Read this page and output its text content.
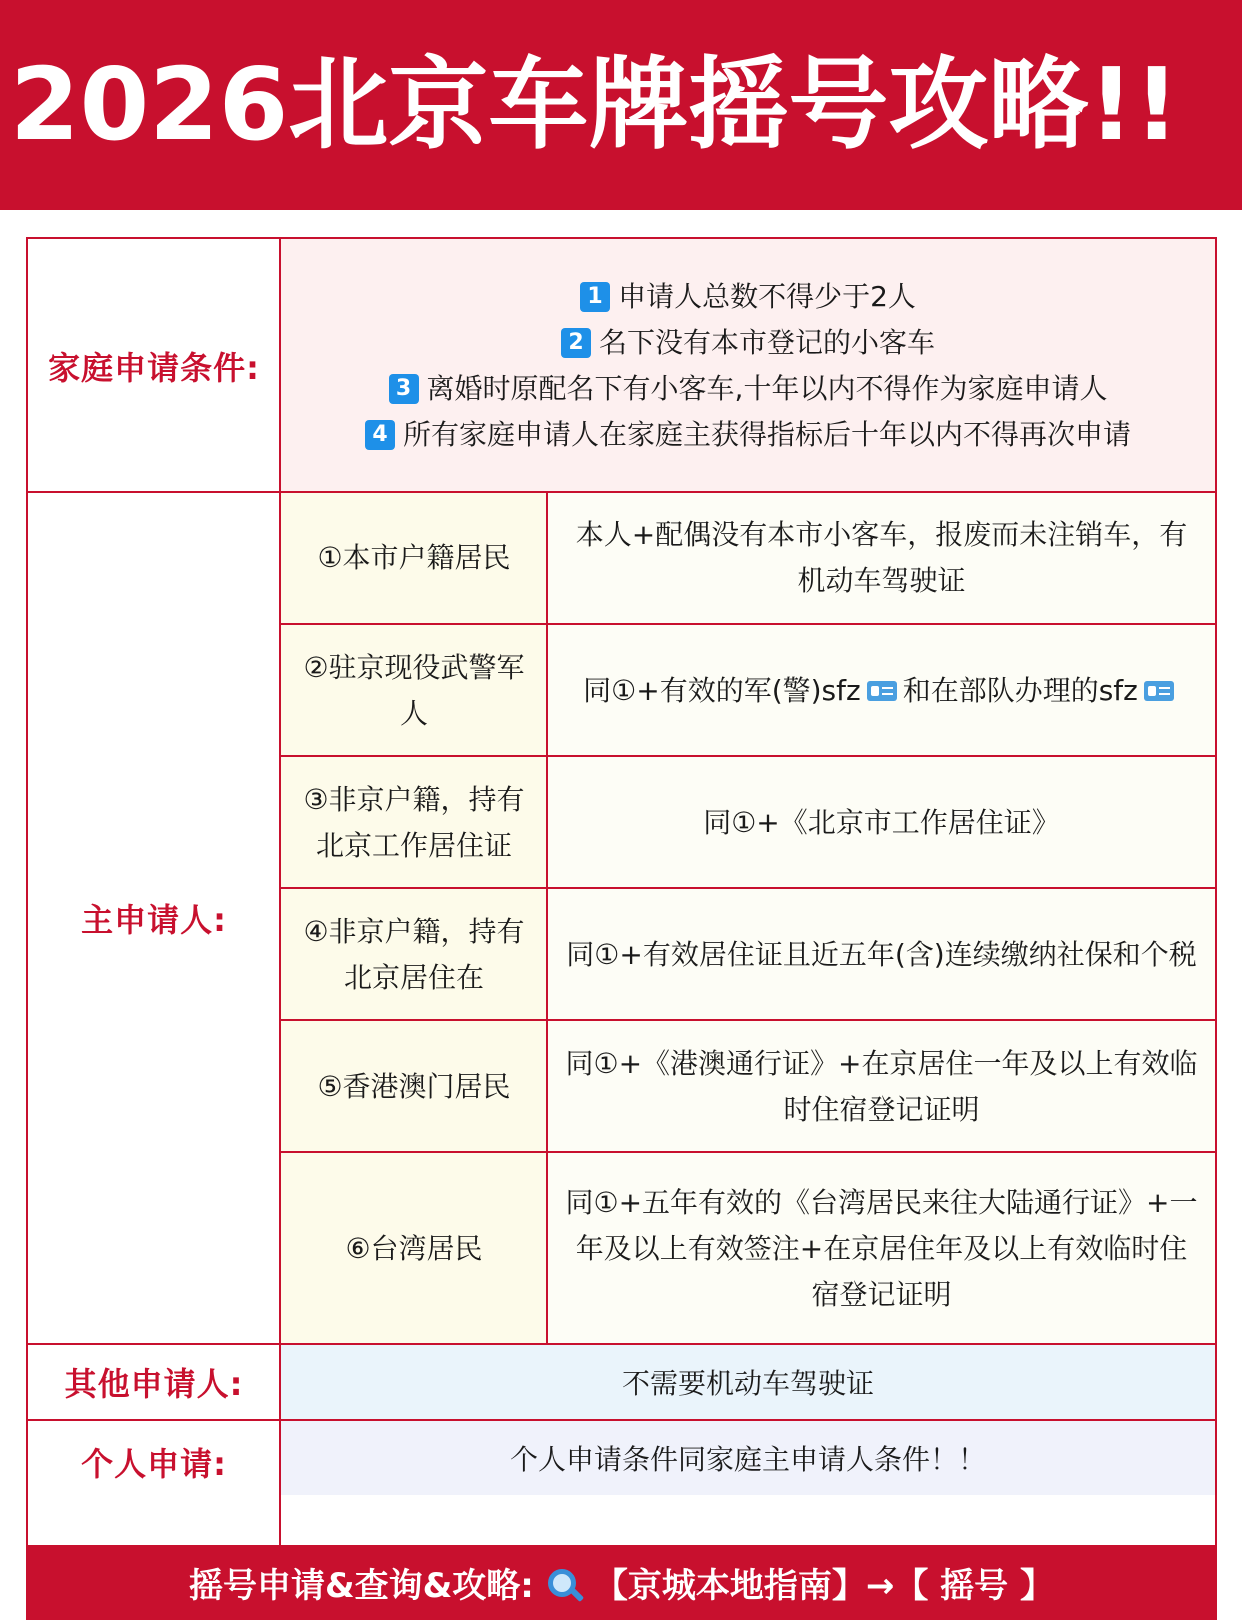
2026北京车牌摇号攻略!!
家庭申请条件:
主申请人:
其他申请人:
个人申请:
1 申请人总数不得少于2人
2 名下没有本市登记的小客车
3 离婚时原配名下有小客车,十年以内不得作为家庭申请人
4 所有家庭申请人在家庭主获得指标后十年以内不得再次申请
①本市户籍居民
本人+配偶没有本市小客车，报废而未注销车，有机动车驾驶证
②驻京现役武警军人
同①+有效的军(警)sfz 和在部队办理的sfz
③非京户籍，持有北京工作居住证
同①+《北京市工作居住证》
④非京户籍，持有北京居住在
同①+有效居住证且近五年(含)连续缴纳社保和个税
⑤香港澳门居民
同①+《港澳通行证》+在京居住一年及以上有效临时住宿登记证明
⑥台湾居民
同①+五年有效的《台湾居民来往大陆通行证》+一年及以上有效签注+在京居住年及以上有效临时住宿登记证明
不需要机动车驾驶证
个人申请条件同家庭主申请人条件！！
摇号申请&查询&攻略: 【京城本地指南】→【 摇号 】
